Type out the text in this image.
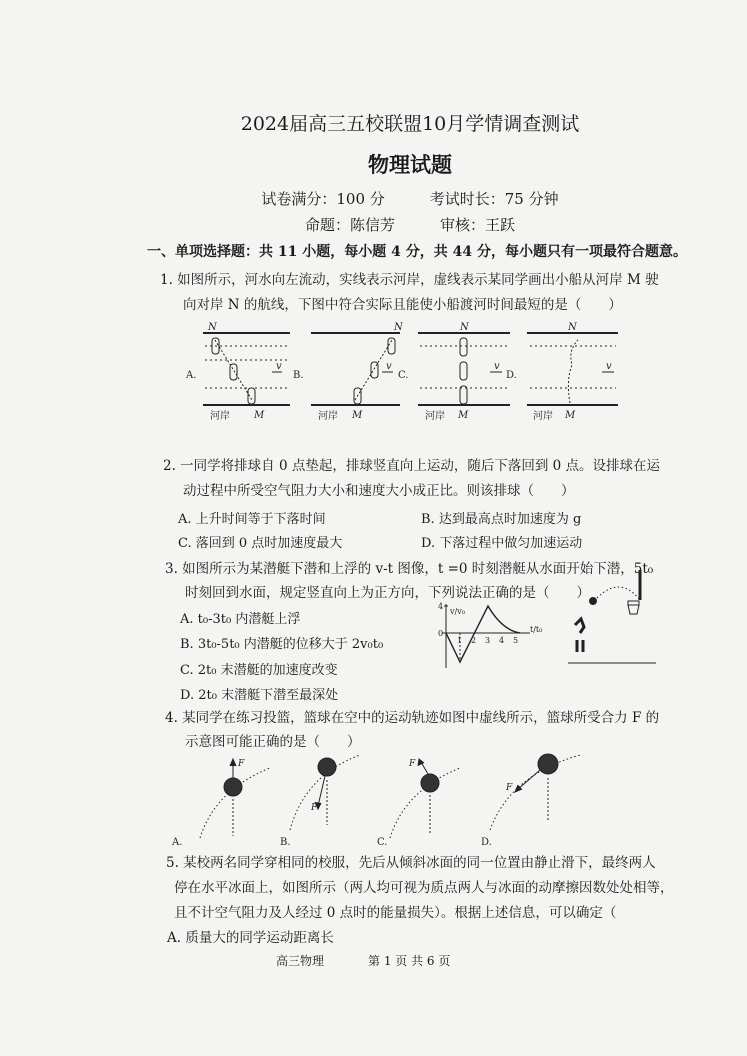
2024届高三五校联盟10月学情调查测试
物理试题
试卷满分：100 分　　　考试时长：75 分钟
命题：陈信芳　　　审核：王跃
一、单项选择题：共 11 小题，每小题 4 分，共 44 分，每小题只有一项最符合题意。
1. 如图所示，河水向左流动，实线表示河岸，虚线表示某同学画出小船从河岸 M 驶
向对岸 N 的航线，下图中符合实际且能使小船渡河时间最短的是（　　）
N	N	N	N
M	M	M	M
v	v	v	v
A.	B.	C.	D.
河岸	河岸	河岸	河岸
2. 一同学将排球自 0 点垫起，排球竖直向上运动，随后下落回到 0 点。设排球在运
动过程中所受空气阻力大小和速度大小成正比。则该排球（　　）
A. 上升时间等于下落时间	B. 达到最高点时加速度为 g
C. 落回到 0 点时加速度最大	D. 下落过程中做匀加速运动
3. 如图所示为某潜艇下潜和上浮的 v-t 图像，t =0 时刻潜艇从水面开始下潜，5t₀
时刻回到水面，规定竖直向上为正方向，下列说法正确的是（　　）
A. t₀-3t₀ 内潜艇上浮
B. 3t₀-5t₀ 内潜艇的位移大于 2v₀t₀
C. 2t₀ 末潜艇的加速度改变
D. 2t₀ 末潜艇下潜至最深处
v/v₀
t/t₀
4
0
1 2 3 4 5
4. 某同学在练习投篮，篮球在空中的运动轨迹如图中虚线所示，篮球所受合力 F 的
示意图可能正确的是（　　）
A.	B.	C.	D.
F
F
F
F
5. 某校两名同学穿相同的校服，先后从倾斜冰面的同一位置由静止滑下，最终两人
停在水平冰面上，如图所示（两人均可视为质点两人与冰面的动摩擦因数处处相等，
且不计空气阻力及人经过 0 点时的能量损失）。根据上述信息，可以确定（
A. 质量大的同学运动距离长
高三物理	第 1 页 共 6 页
